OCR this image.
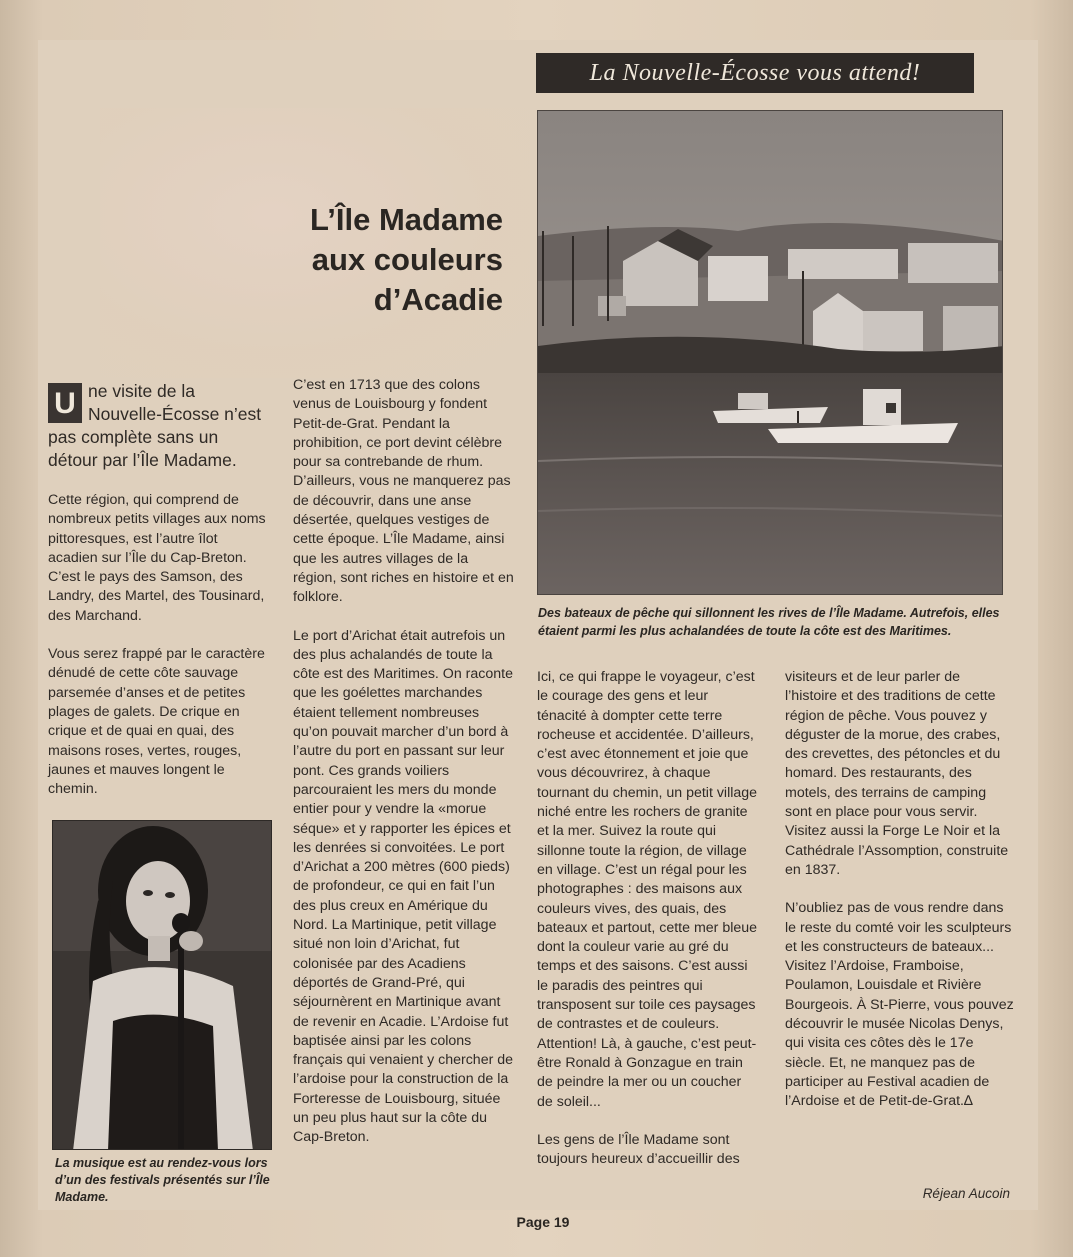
La Nouvelle-Écosse vous attend!
L’Île Madame
aux couleurs
d’Acadie
Des bateaux de pêche qui sillonnent les rives de l’Île Madame. Autrefois, elles étaient parmi les plus achalandées de toute la côte est des Maritimes.

U ne visite de la Nouvelle-Écosse n’est pas complète sans un détour par l’Île Madame.

Cette région, qui comprend de nombreux petits villages aux noms pittoresques, est l’autre îlot acadien sur l’Île du Cap-Breton. C’est le pays des Samson, des Landry, des Martel, des Tousinard, des Marchand.

Vous serez frappé par le caractère dénudé de cette côte sauvage parsemée d’anses et de petites plages de galets. De crique en crique et de quai en quai, des maisons roses, vertes, rouges, jaunes et mauves longent le chemin.

La musique est au rendez-vous lors d’un des festivals présentés sur l’Île Madame.

C’est en 1713 que des colons venus de Louisbourg y fondent Petit-de-Grat. Pendant la prohibition, ce port devint célèbre pour sa contrebande de rhum. D’ailleurs, vous ne manquerez pas de découvrir, dans une anse désertée, quelques vestiges de cette époque. L’Île Madame, ainsi que les autres villages de la région, sont riches en histoire et en folklore.

Le port d’Arichat était autrefois un des plus achalandés de toute la côte est des Maritimes. On raconte que les goélettes marchandes étaient tellement nombreuses qu’on pouvait marcher d’un bord à l’autre du port en passant sur leur pont. Ces grands voiliers parcouraient les mers du monde entier pour y vendre la «morue séque» et y rapporter les épices et les denrées si convoitées. Le port d’Arichat a 200 mètres (600 pieds) de profondeur, ce qui en fait l’un des plus creux en Amérique du Nord. La Martinique, petit village situé non loin d’Arichat, fut colonisée par des Acadiens déportés de Grand-Pré, qui séjournèrent en Martinique avant de revenir en Acadie. L’Ardoise fut baptisée ainsi par les colons français qui venaient y chercher de l’ardoise pour la construction de la Forteresse de Louisbourg, située un peu plus haut sur la côte du Cap-Breton.

Ici, ce qui frappe le voyageur, c’est le courage des gens et leur ténacité à dompter cette terre rocheuse et accidentée. D’ailleurs, c’est avec étonnement et joie que vous découvrirez, à chaque tournant du chemin, un petit village niché entre les rochers de granite et la mer. Suivez la route qui sillonne toute la région, de village en village. C’est un régal pour les photographes : des maisons aux couleurs vives, des quais, des bateaux et partout, cette mer bleue dont la couleur varie au gré du temps et des saisons. C’est aussi le paradis des peintres qui transposent sur toile ces paysages de contrastes et de couleurs. Attention! Là, à gauche, c’est peut-être Ronald à Gonzague en train de peindre la mer ou un coucher de soleil...

Les gens de l’Île Madame sont toujours heureux d’accueillir des

visiteurs et de leur parler de l’histoire et des traditions de cette région de pêche. Vous pouvez y déguster de la morue, des crabes, des crevettes, des pétoncles et du homard. Des restaurants, des motels, des terrains de camping sont en place pour vous servir. Visitez aussi la Forge Le Noir et la Cathédrale l’Assomption, construite en 1837.

N’oubliez pas de vous rendre dans le reste du comté voir les sculpteurs et les constructeurs de bateaux... Visitez l’Ardoise, Framboise, Poulamon, Louisdale et Rivière Bourgeois. À St-Pierre, vous pouvez découvrir le musée Nicolas Denys, qui visita ces côtes dès le 17e siècle. Et, ne manquez pas de participer au Festival acadien de l’Ardoise et de Petit-de-Grat.∆

Réjean Aucoin
Page 19
